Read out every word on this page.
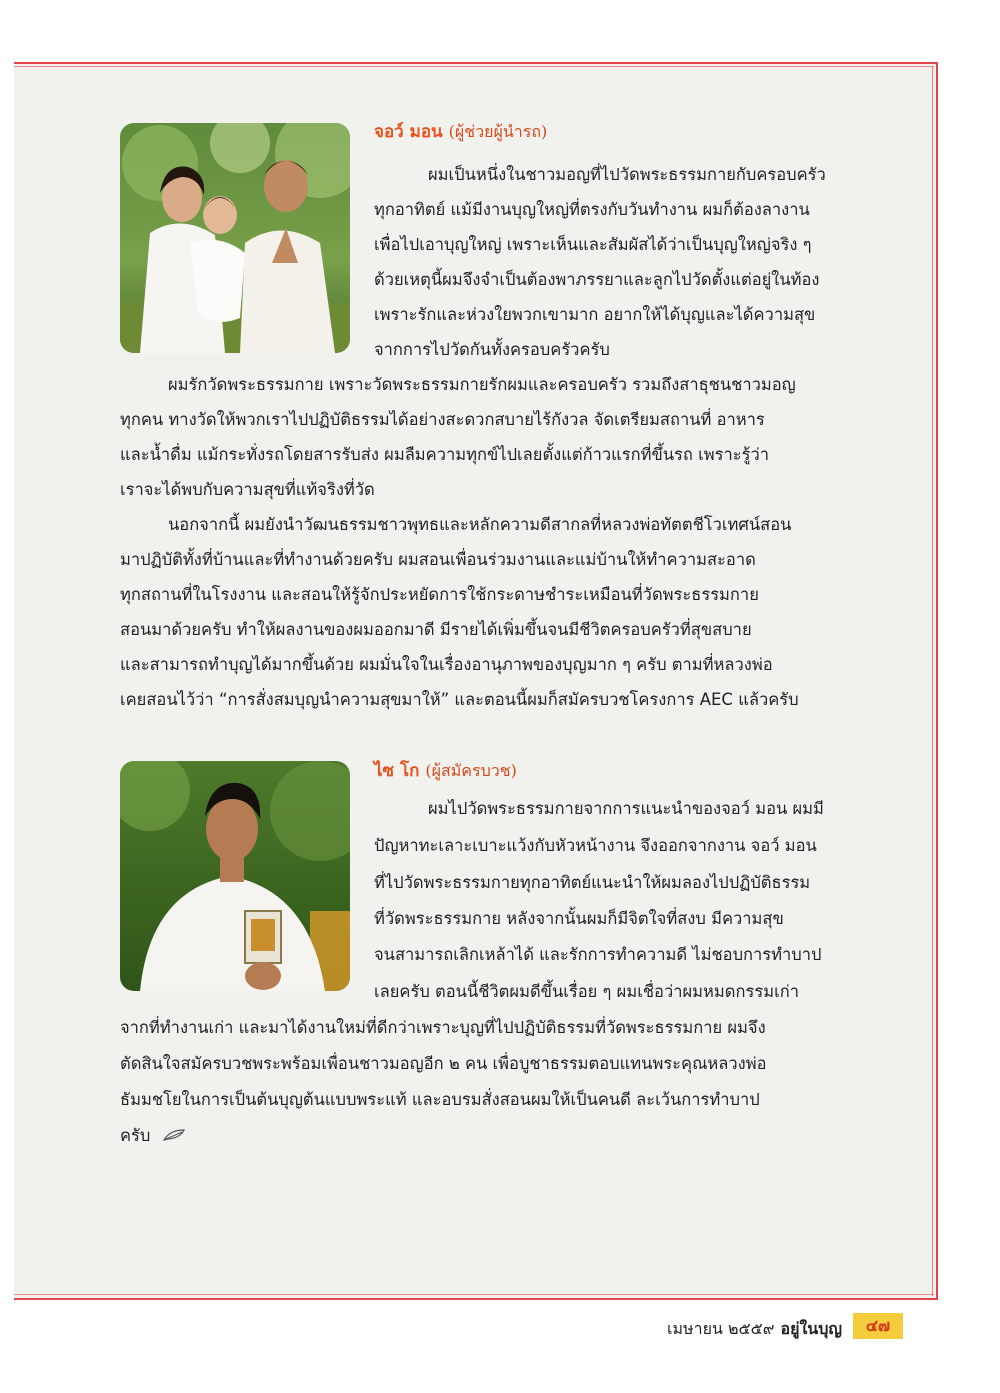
จอว์ มอน (ผู้ช่วยผู้นำรถ)

ผมเป็นหนึ่งในชาวมอญที่ไปวัดพระธรรมกายกับครอบครัว

ทุกอาทิตย์ แม้มีงานบุญใหญ่ที่ตรงกับวันทำงาน ผมก็ต้องลางาน

เพื่อไปเอาบุญใหญ่ เพราะเห็นและสัมผัสได้ว่าเป็นบุญใหญ่จริง ๆ

ด้วยเหตุนี้ผมจึงจำเป็นต้องพาภรรยาและลูกไปวัดตั้งแต่อยู่ในท้อง

เพราะรักและห่วงใยพวกเขามาก อยากให้ได้บุญและได้ความสุข

จากการไปวัดกันทั้งครอบครัวครับ

ผมรักวัดพระธรรมกาย เพราะวัดพระธรรมกายรักผมและครอบครัว รวมถึงสาธุชนชาวมอญ

ทุกคน ทางวัดให้พวกเราไปปฏิบัติธรรมได้อย่างสะดวกสบายไร้กังวล จัดเตรียมสถานที่ อาหาร

และน้ำดื่ม แม้กระทั่งรถโดยสารรับส่ง ผมลืมความทุกข์ไปเลยตั้งแต่ก้าวแรกที่ขึ้นรถ เพราะรู้ว่า

เราจะได้พบกับความสุขที่แท้จริงที่วัด

นอกจากนี้ ผมยังนำวัฒนธรรมชาวพุทธและหลักความดีสากลที่หลวงพ่อทัตตชีโวเทศน์สอน

มาปฏิบัติทั้งที่บ้านและที่ทำงานด้วยครับ ผมสอนเพื่อนร่วมงานและแม่บ้านให้ทำความสะอาด

ทุกสถานที่ในโรงงาน และสอนให้รู้จักประหยัดการใช้กระดาษชำระเหมือนที่วัดพระธรรมกาย

สอนมาด้วยครับ ทำให้ผลงานของผมออกมาดี มีรายได้เพิ่มขึ้นจนมีชีวิตครอบครัวที่สุขสบาย

และสามารถทำบุญได้มากขึ้นด้วย ผมมั่นใจในเรื่องอานุภาพของบุญมาก ๆ ครับ ตามที่หลวงพ่อ

เคยสอนไว้ว่า “การสั่งสมบุญนำความสุขมาให้” และตอนนี้ผมก็สมัครบวชโครงการ AEC แล้วครับ

ไซ โก (ผู้สมัครบวช)

ผมไปวัดพระธรรมกายจากการแนะนำของจอว์ มอน ผมมี

ปัญหาทะเลาะเบาะแว้งกับหัวหน้างาน จึงออกจากงาน จอว์ มอน

ที่ไปวัดพระธรรมกายทุกอาทิตย์แนะนำให้ผมลองไปปฏิบัติธรรม

ที่วัดพระธรรมกาย หลังจากนั้นผมก็มีจิตใจที่สงบ มีความสุข

จนสามารถเลิกเหล้าได้ และรักการทำความดี ไม่ชอบการทำบาป

เลยครับ ตอนนี้ชีวิตผมดีขึ้นเรื่อย ๆ ผมเชื่อว่าผมหมดกรรมเก่า

จากที่ทำงานเก่า และมาได้งานใหม่ที่ดีกว่าเพราะบุญที่ไปปฏิบัติธรรมที่วัดพระธรรมกาย ผมจึง

ตัดสินใจสมัครบวชพระพร้อมเพื่อนชาวมอญอีก ๒ คน เพื่อบูชาธรรมตอบแทนพระคุณหลวงพ่อ

ธัมมชโยในการเป็นต้นบุญต้นแบบพระแท้ และอบรมสั่งสอนผมให้เป็นคนดี ละเว้นการทำบาป

ครับ

เมษายน ๒๕๕๙ อยู่ในบุญ	๔๗
